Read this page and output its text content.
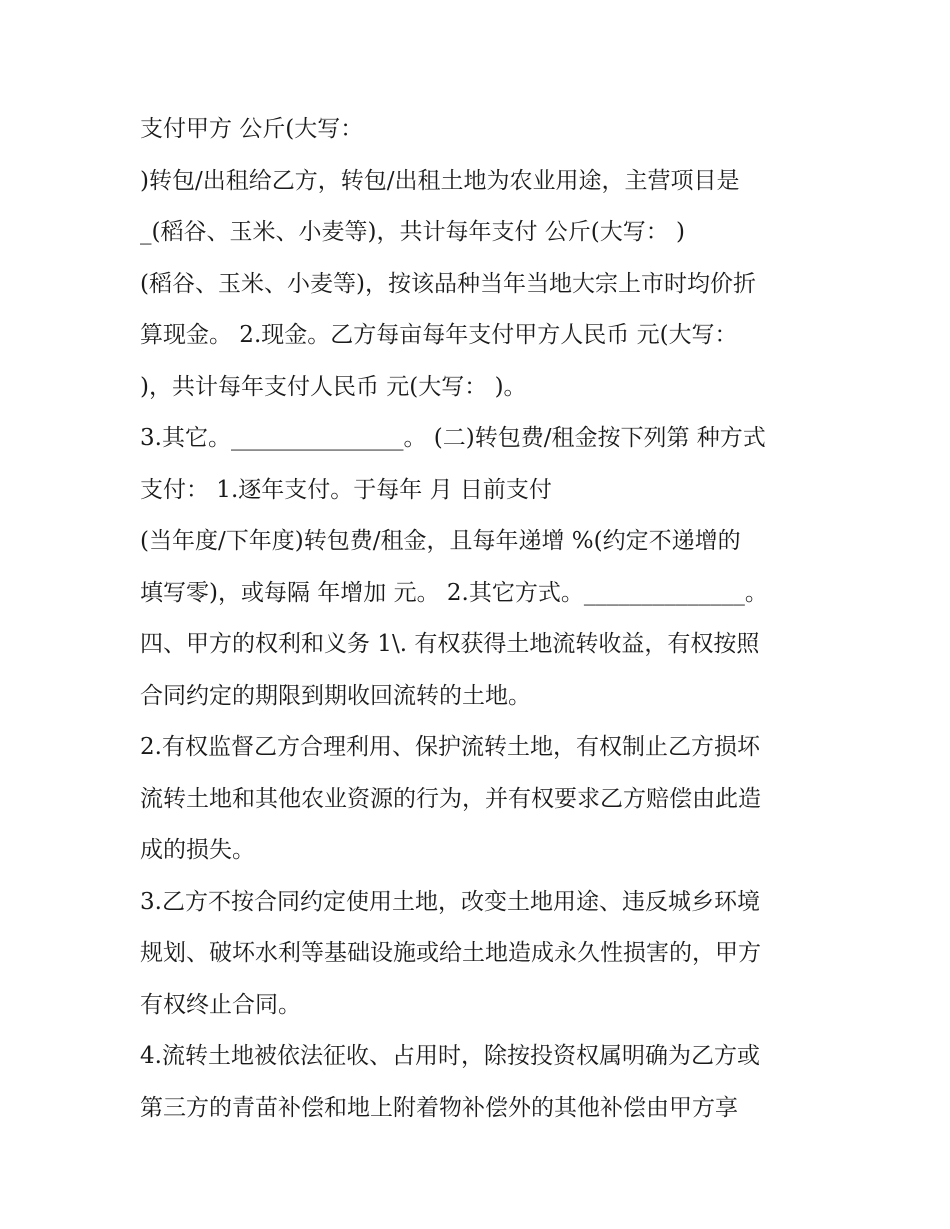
支付甲方 公斤(大写：
)转包/出租给乙方，转包/出租土地为农业用途，主营项目是
_(稻谷、玉米、小麦等)，共计每年支付 公斤(大写： )
(稻谷、玉米、小麦等)，按该品种当年当地大宗上市时均价折
算现金。 2.现金。乙方每亩每年支付甲方人民币 元(大写：
)，共计每年支付人民币 元(大写： )。
3.其它。_______________。 (二)转包费/租金按下列第 种方式
支付： 1.逐年支付。于每年 月 日前支付
(当年度/下年度)转包费/租金，且每年递增 %(约定不递增的
填写零)，或每隔 年增加 元。 2.其它方式。______________。
四、甲方的权利和义务 1\. 有权获得土地流转收益，有权按照
合同约定的期限到期收回流转的土地。
2.有权监督乙方合理利用、保护流转土地，有权制止乙方损坏
流转土地和其他农业资源的行为，并有权要求乙方赔偿由此造
成的损失。
3.乙方不按合同约定使用土地，改变土地用途、违反城乡环境
规划、破坏水利等基础设施或给土地造成永久性损害的，甲方
有权终止合同。
4.流转土地被依法征收、占用时，除按投资权属明确为乙方或
第三方的青苗补偿和地上附着物补偿外的其他补偿由甲方享
